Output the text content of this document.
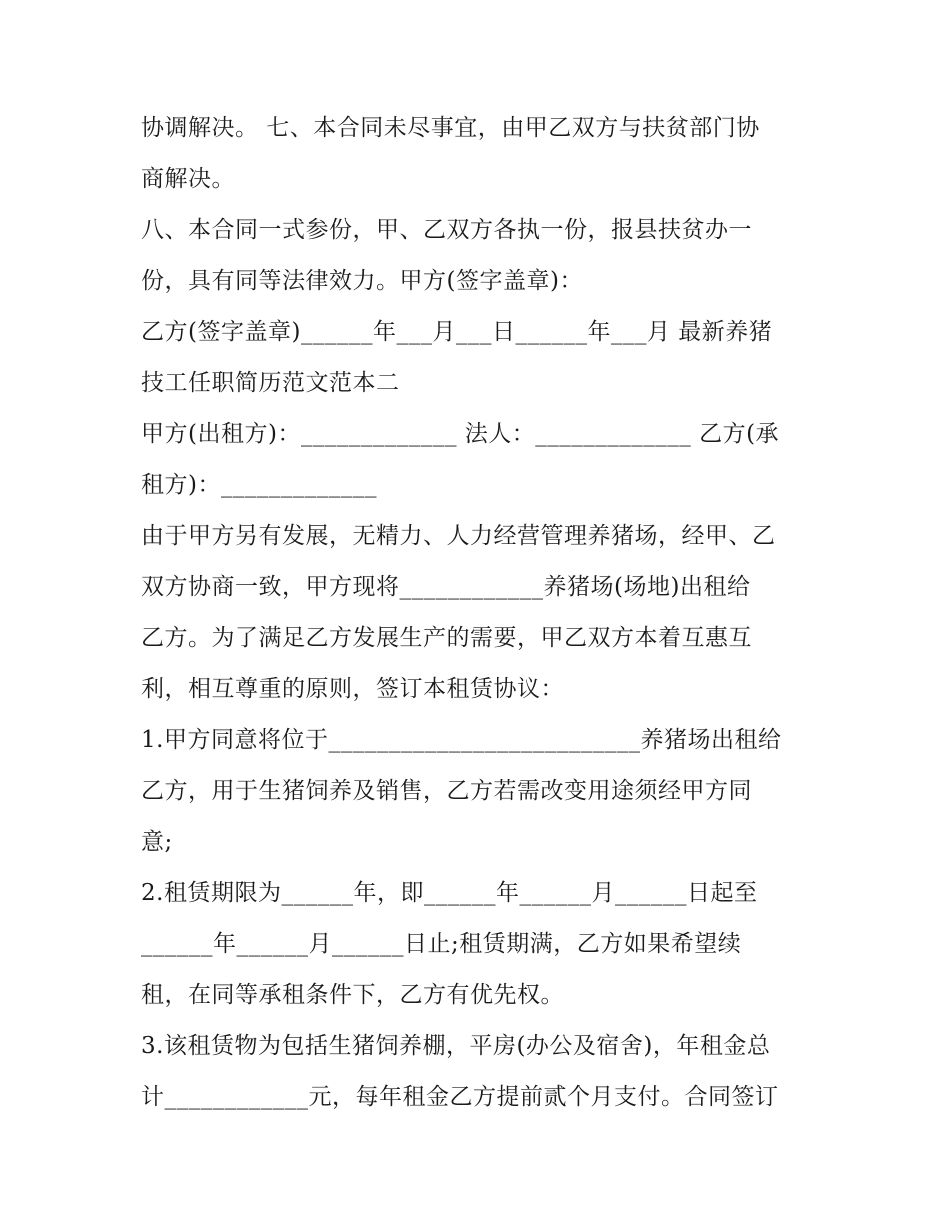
协调解决。 七、本合同未尽事宜，由甲乙双方与扶贫部门协
商解决。
八、本合同一式参份，甲、乙双方各执一份，报县扶贫办一
份，具有同等法律效力。甲方(签字盖章)：
乙方(签字盖章)______年___月___日______年___月 最新养猪
技工任职简历范文范本二
甲方(出租方)：_____________ 法人：_____________ 乙方(承
租方)：_____________
由于甲方另有发展，无精力、人力经营管理养猪场，经甲、乙
双方协商一致，甲方现将____________养猪场(场地)出租给
乙方。为了满足乙方发展生产的需要，甲乙双方本着互惠互
利，相互尊重的原则，签订本租赁协议：
1.甲方同意将位于__________________________养猪场出租给
乙方，用于生猪饲养及销售，乙方若需改变用途须经甲方同
意;
2.租赁期限为______年，即______年______月______日起至
______年______月______日止;租赁期满，乙方如果希望续
租，在同等承租条件下，乙方有优先权。
3.该租赁物为包括生猪饲养棚，平房(办公及宿舍)，年租金总
计____________元，每年租金乙方提前贰个月支付。合同签订
